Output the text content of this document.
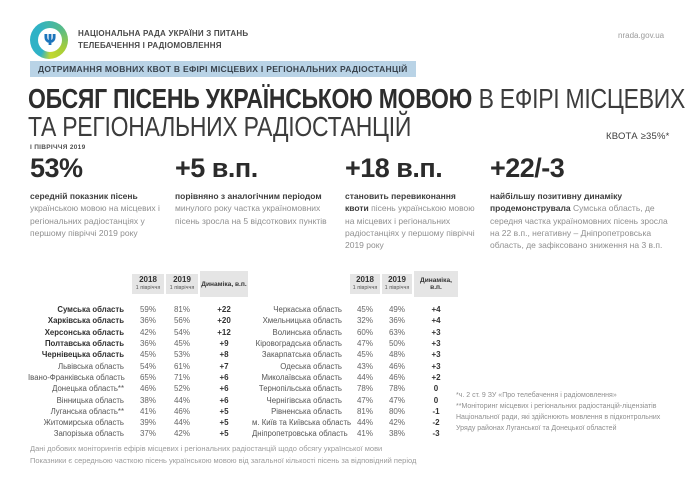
Ψ	НАЦІОНАЛЬНА РАДА УКРАЇНИ З ПИТАНЬ
ТЕЛЕБАЧЕННЯ І РАДІОМОВЛЕННЯ
nrada.gov.ua
ДОТРИМАННЯ МОВНИХ КВОТ В ЕФІРІ МІСЦЕВИХ І РЕГІОНАЛЬНИХ РАДІОСТАНЦІЙ
ОБСЯГ ПІСЕНЬ УКРАЇНСЬКОЮ МОВОЮ В ЕФІРІ МІСЦЕВИХ
ТА РЕГІОНАЛЬНИХ РАДІОСТАНЦІЙ
І ПІВРІЧЧЯ 2019
КВОТА ≥35%*
53%
середній показник пісень українською мовою на місцевих і регіональних радіостанціях у першому півріччі 2019 року
+5 в.п.
порівняно з аналогічним періодом минулого року частка україномовних пісень зросла на 5 відсоткових пунктів
+18 в.п.
становить перевиконання квоти пісень українською мовою на місцевих і регіональних радіостанціях у першому півріччі 2019 року
+22/-3
найбільшу позитивну динаміку продемонструвала Сумська область, де середня частка україномовних пісень зросла на 22 в.п., негативну – Дніпропетровська область, де зафіксовано зниження на 3 в.п.
2018
1 півріччя
2019
1 півріччя
Динаміка, в.п.
Сумська область	59%	81%	+22
Харківська область	36%	56%	+20
Херсонська область	42%	54%	+12
Полтавська область	36%	45%	+9
Чернівецька область	45%	53%	+8
Львівська область	54%	61%	+7
Івано-Франківська область	65%	71%	+6
Донецька область**	46%	52%	+6
Вінницька область	38%	44%	+6
Луганська область**	41%	46%	+5
Житомирська область	39%	44%	+5
Запорізька область	37%	42%	+5
2018
1 півріччя
2019
1 півріччя
Динаміка, в.п.
Черкаська область	45%	49%	+4
Хмельницька область	32%	36%	+4
Волинська область	60%	63%	+3
Кіровоградська область	47%	50%	+3
Закарпатська область	45%	48%	+3
Одеська область	43%	46%	+3
Миколаївська область	44%	46%	+2
Тернопільська область	78%	78%	0
Чернігівська область	47%	47%	0
Рівненська область	81%	80%	-1
м. Київ та Київська область 44%	42%	-2
Дніпропетровська область	41%	38%	-3
*ч. 2 ст. 9 ЗУ «Про телебачення і радіомовлення»
**Моніторинг місцевих і регіональних радіостанцій-ліцензіатів
Національної ради, які здійснюють мовлення в підконтрольних
Уряду районах Луганської та Донецької областей
Дані добових моніторингів ефірів місцевих і регіональних радіостанцій щодо обсягу української мови
Показники є середньою часткою пісень українською мовою від загальної кількості пісень за відповідний період
